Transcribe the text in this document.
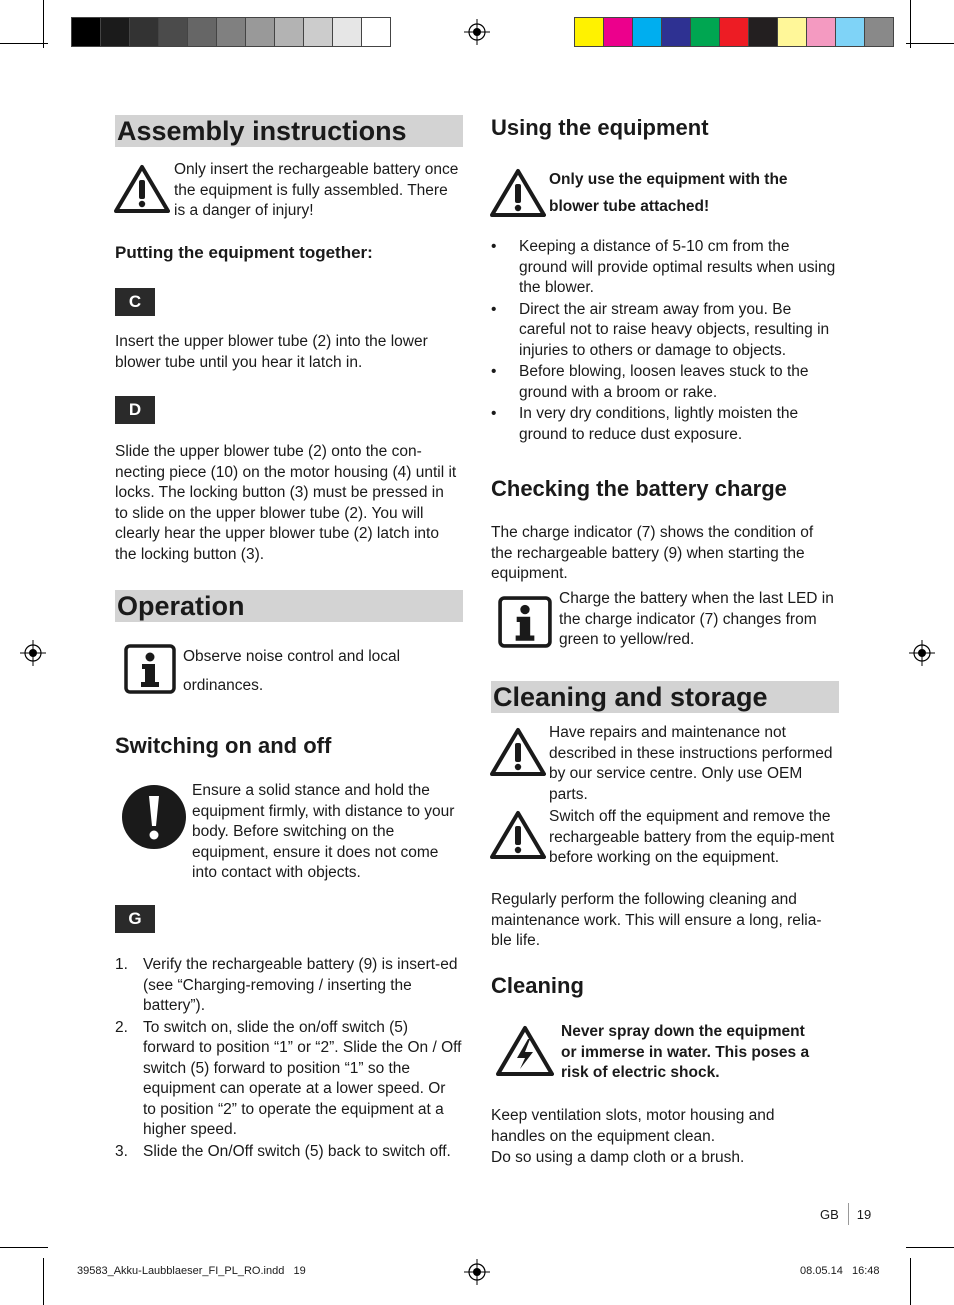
Assembly instructions
Only insert the rechargeable battery once the equipment is fully assembled. There is a danger of injury!
Putting the equipment together:
C
Insert the upper blower tube (2) into the lower blower tube until you hear it latch in.
D
Slide the upper blower tube (2) onto the con-necting piece (10) on the motor housing (4) until it locks. The locking button (3) must be pressed in to slide on the upper blower tube (2). You will clearly hear the upper blower tube (2) latch into the locking button (3).
Operation
Observe noise control and local ordinances.
Switching on and off
Ensure a solid stance and hold the equipment firmly, with distance to your body. Before switching on the equipment, ensure it does not come into contact with objects.
G
1. Verify the rechargeable battery (9) is insert-ed (see “Charging-removing / inserting the battery”).
2. To switch on, slide the on/off switch (5) forward to position “1” or “2”. Slide the On / Off switch (5) forward to position “1” so the equipment can operate at a lower speed. Or to position “2” to operate the equipment at a higher speed.
3. Slide the On/Off switch (5) back to switch off.
Using the equipment
Only use the equipment with the blower tube attached!
• Keeping a distance of 5-10 cm from the ground will provide optimal results when using the blower.
• Direct the air stream away from you. Be careful not to raise heavy objects, resulting in injuries to others or damage to objects.
• Before blowing, loosen leaves stuck to the ground with a broom or rake.
• In very dry conditions, lightly moisten the ground to reduce dust exposure.
Checking the battery charge
The charge indicator (7) shows the condition of the rechargeable battery (9) when starting the equipment.
Charge the battery when the last LED in the charge indicator (7) changes from green to yellow/red.
Cleaning and storage
Have repairs and maintenance not described in these instructions performed by our service centre. Only use OEM parts.
Switch off the equipment and remove the rechargeable battery from the equip-ment before working on the equipment.
Regularly perform the following cleaning and maintenance work. This will ensure a long, relia-ble life.
Cleaning
Never spray down the equipment or immerse in water. This poses a risk of electric shock.
Keep ventilation slots, motor housing and handles on the equipment clean.
Do so using a damp cloth or a brush.
GB	19
39583_Akku-Laubblaeser_FI_PL_RO.indd   19	08.05.14   16:48
